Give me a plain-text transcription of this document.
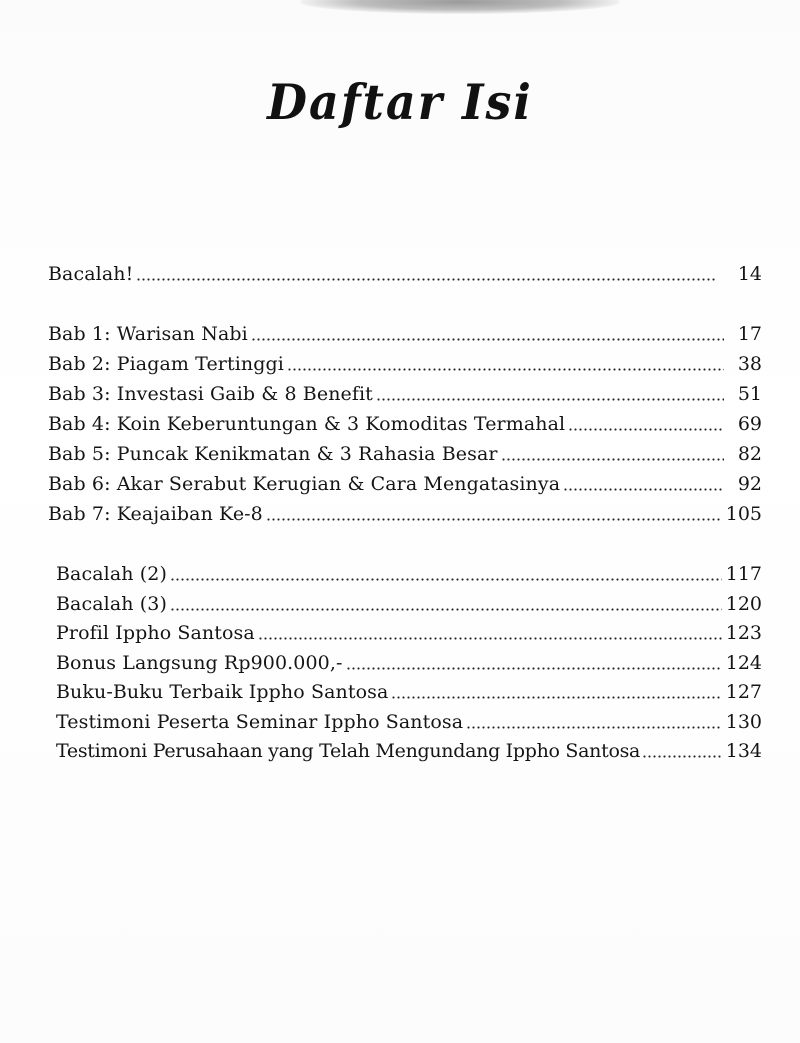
Daftar Isi
Bacalah!	14
Bab 1: Warisan Nabi	17
Bab 2: Piagam Tertinggi	38
Bab 3: Investasi Gaib & 8 Benefit	51
Bab 4: Koin Keberuntungan & 3 Komoditas Termahal	69
Bab 5: Puncak Kenikmatan & 3 Rahasia Besar	82
Bab 6: Akar Serabut Kerugian & Cara Mengatasinya	92
Bab 7: Keajaiban Ke-8	105
Bacalah (2)	117
Bacalah (3)	120
Profil Ippho Santosa	123
Bonus Langsung Rp900.000,-	124
Buku-Buku Terbaik Ippho Santosa	127
Testimoni Peserta Seminar Ippho Santosa	130
Testimoni Perusahaan yang Telah Mengundang Ippho Santosa	134
